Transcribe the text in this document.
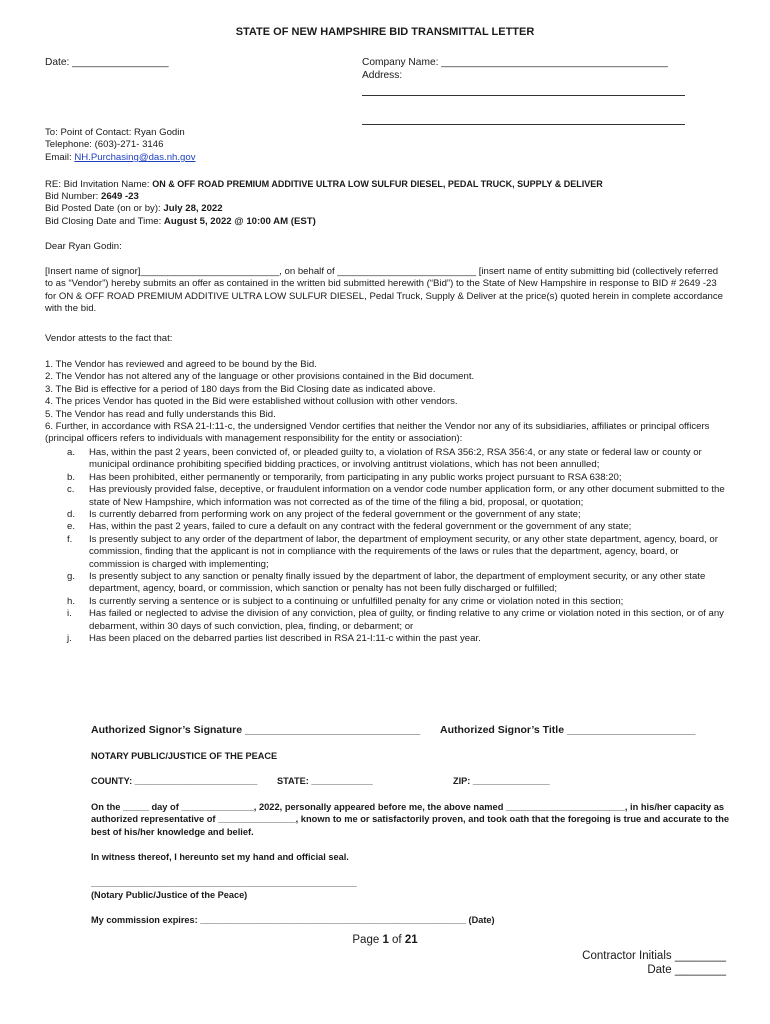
STATE OF NEW HAMPSHIRE BID TRANSMITTAL LETTER
Date: _________________	Company Name: ________________________________________
Address:
To: Point of Contact: Ryan Godin
Telephone: (603)-271- 3146
Email: NH.Purchasing@das.nh.gov
RE: Bid Invitation Name: ON & OFF ROAD PREMIUM ADDITIVE ULTRA LOW SULFUR DIESEL, PEDAL TRUCK, SUPPLY & DELIVER
Bid Number: 2649 -23
Bid Posted Date (on or by): July 28, 2022
Bid Closing Date and Time: August 5, 2022 @ 10:00 AM (EST)
Dear Ryan Godin:
[Insert name of signor]__________________________, on behalf of __________________________ [insert name of entity submitting bid (collectively referred to as “Vendor”) hereby submits an offer as contained in the written bid submitted herewith (“Bid”) to the State of New Hampshire in response to BID # 2649 -23 for ON & OFF ROAD PREMIUM ADDITIVE ULTRA LOW SULFUR DIESEL, Pedal Truck, Supply & Deliver at the price(s) quoted herein in complete accordance with the bid.
Vendor attests to the fact that:
1. The Vendor has reviewed and agreed to be bound by the Bid.
2. The Vendor has not altered any of the language or other provisions contained in the Bid document.
3. The Bid is effective for a period of 180 days from the Bid Closing date as indicated above.
4. The prices Vendor has quoted in the Bid were established without collusion with other vendors.
5. The Vendor has read and fully understands this Bid.
6. Further, in accordance with RSA 21-I:11-c, the undersigned Vendor certifies that neither the Vendor nor any of its subsidiaries, affiliates or principal officers (principal officers refers to individuals with management responsibility for the entity or association):
a.	Has, within the past 2 years, been convicted of, or pleaded guilty to, a violation of RSA 356:2, RSA 356:4, or any state or federal law or county or municipal ordinance prohibiting specified bidding practices, or involving antitrust violations, which has not been annulled;
b.	Has been prohibited, either permanently or temporarily, from participating in any public works project pursuant to RSA 638:20;
c.	Has previously provided false, deceptive, or fraudulent information on a vendor code number application form, or any other document submitted to the state of New Hampshire, which information was not corrected as of the time of the filing a bid, proposal, or quotation;
d.	Is currently debarred from performing work on any project of the federal government or the government of any state;
e.	Has, within the past 2 years, failed to cure a default on any contract with the federal government or the government of any state;
f.	Is presently subject to any order of the department of labor, the department of employment security, or any other state department, agency, board, or commission, finding that the applicant is not in compliance with the requirements of the laws or rules that the department, agency, board, or commission is charged with implementing;
g.	Is presently subject to any sanction or penalty finally issued by the department of labor, the department of employment security, or any other state department, agency, board, or commission, which sanction or penalty has not been fully discharged or fulfilled;
h.	Is currently serving a sentence or is subject to a continuing or unfulfilled penalty for any crime or violation noted in this section;
i.	Has failed or neglected to advise the division of any conviction, plea of guilty, or finding relative to any crime or violation noted in this section, or of any debarment, within 30 days of such conviction, plea, finding, or debarment; or
j.	Has been placed on the debarred parties list described in RSA 21-I:11-c within the past year.
Authorized Signor’s Signature ______________________________ Authorized Signor’s Title ______________________
NOTARY PUBLIC/JUSTICE OF THE PEACE
COUNTY: ________________________ STATE: ____________	ZIP: _______________
On the _____ day of ______________, 2022, personally appeared before me, the above named _______________________, in his/her capacity as authorized representative of _______________, known to me or satisfactorily proven, and took oath that the foregoing is true and accurate to the best of his/her knowledge and belief.
In witness thereof, I hereunto set my hand and official seal.
____________________________________________________
(Notary Public/Justice of the Peace)
My commission expires: ____________________________________________________ (Date)
Page 1 of 21
Contractor Initials ________
Date ________
